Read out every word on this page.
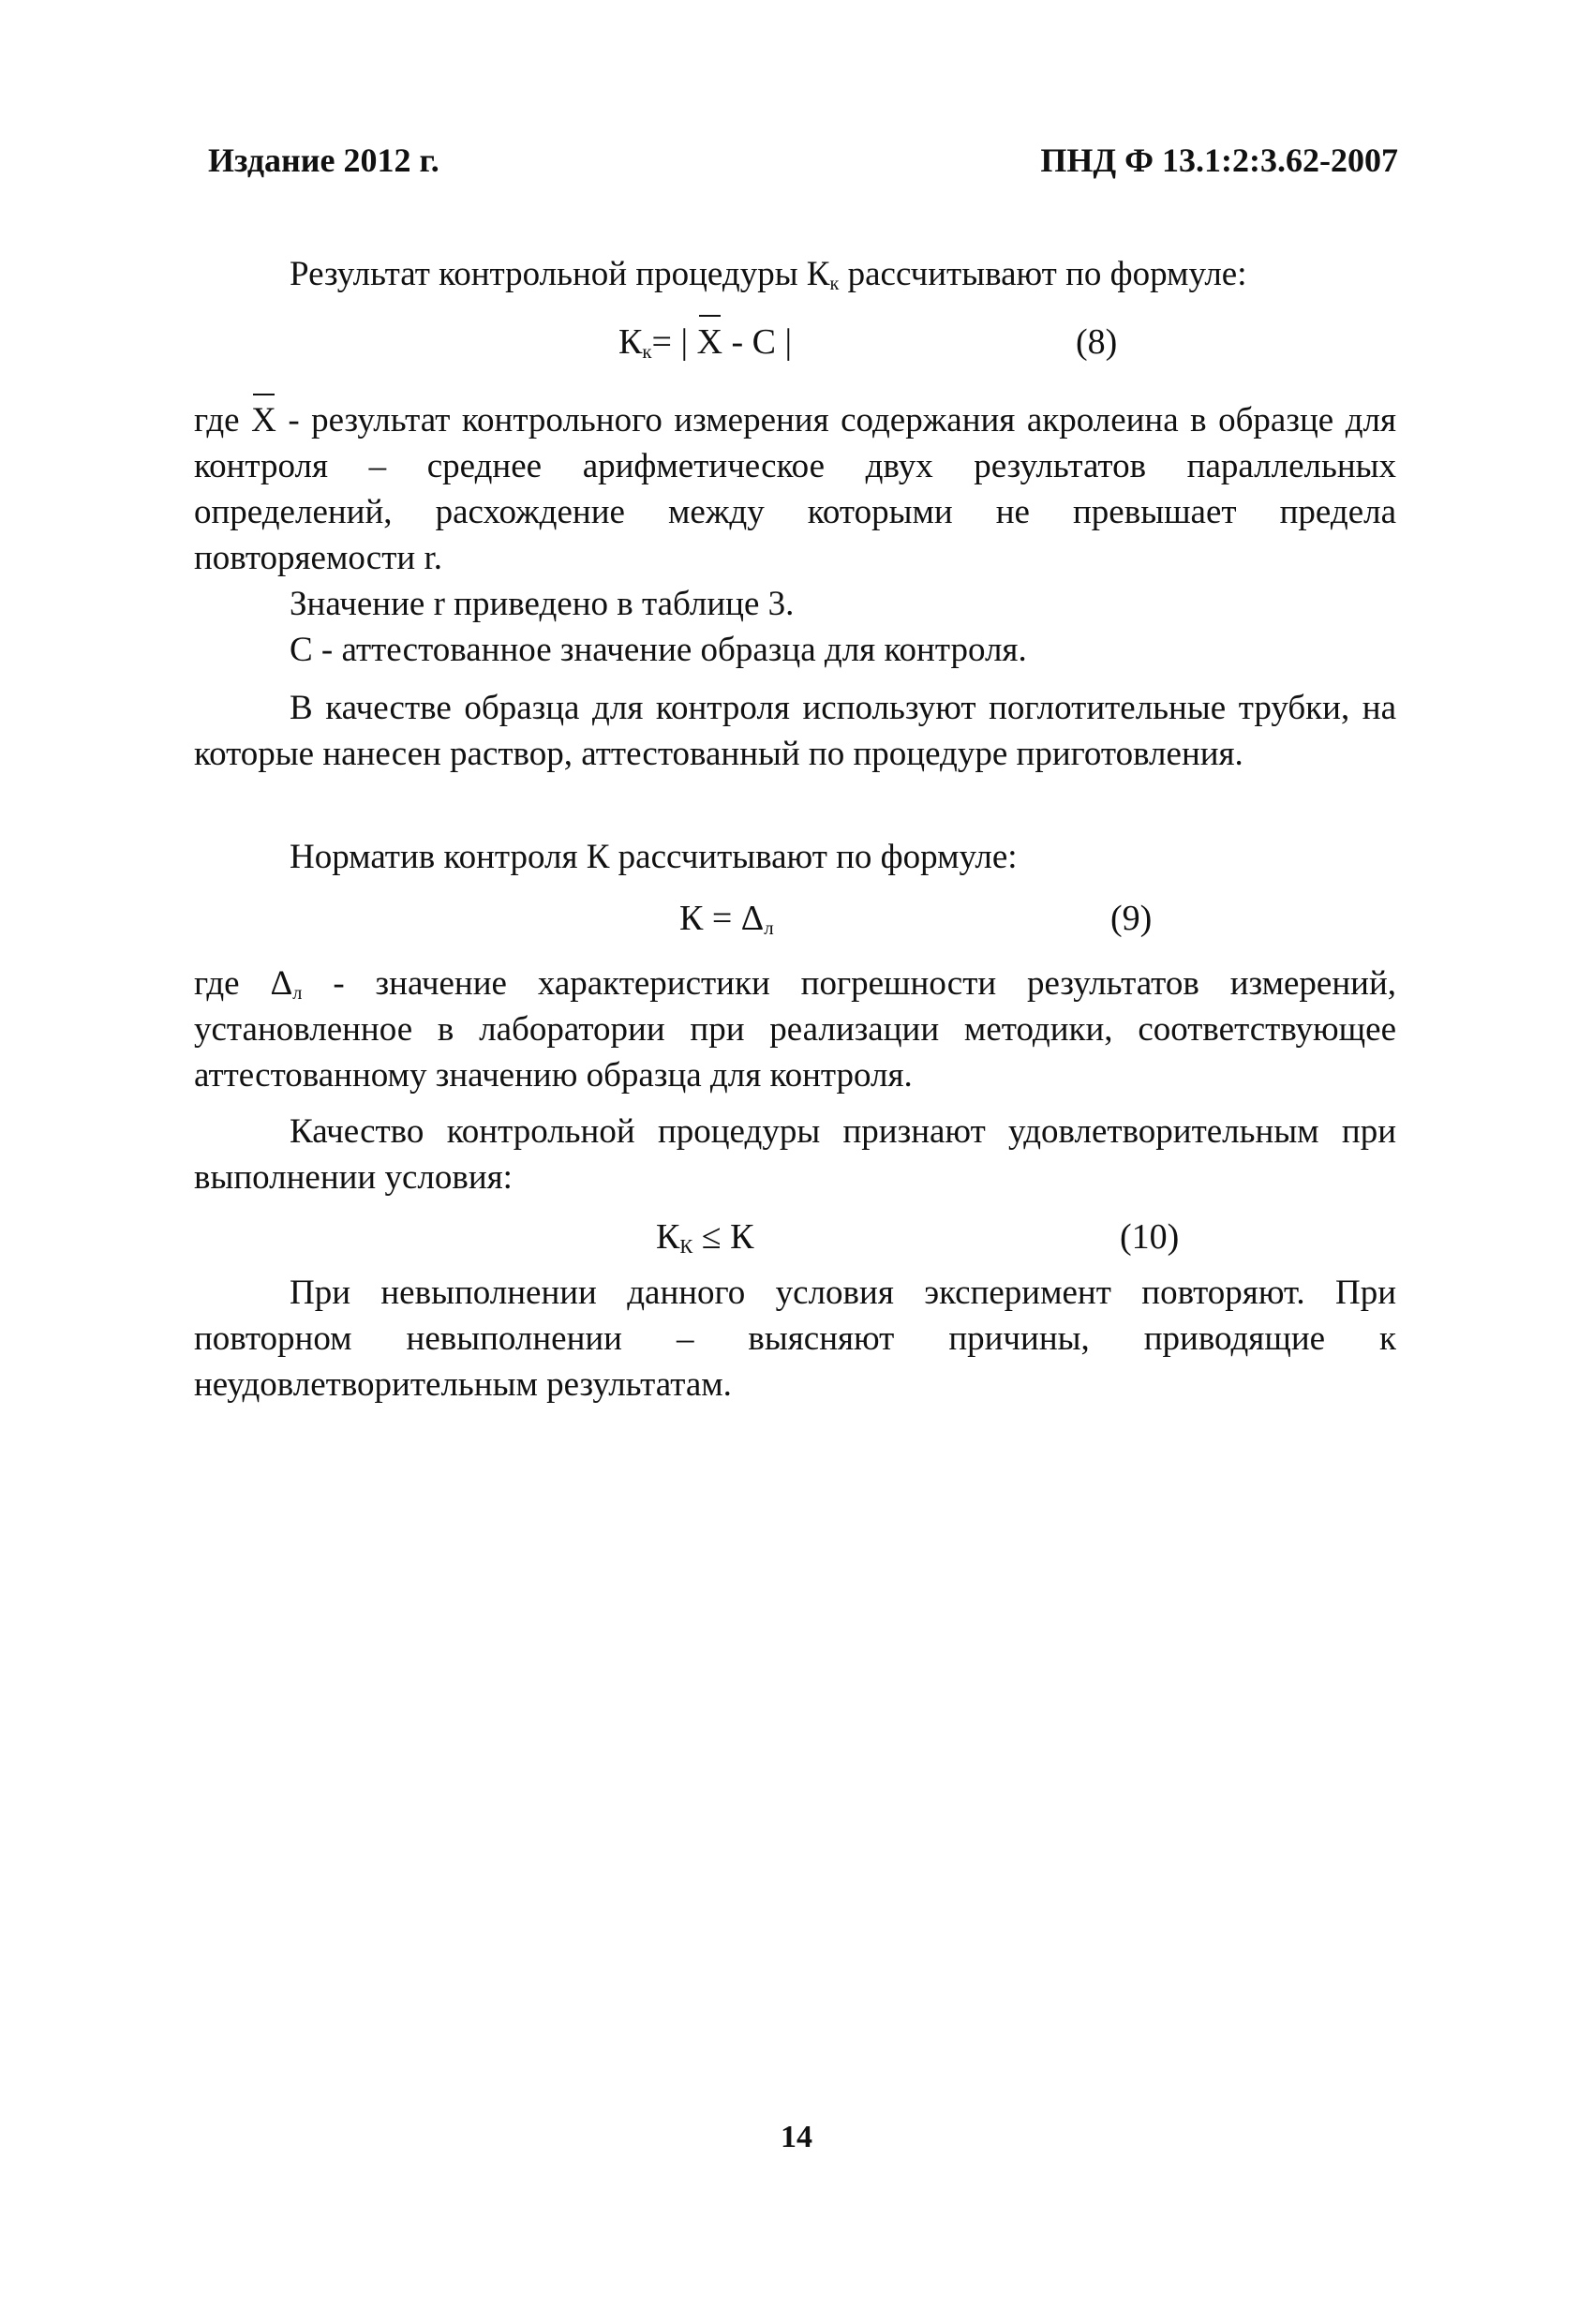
Издание 2012 г.	ПНД Ф 13.1:2:3.62-2007

Результат контрольной процедуры $К_к$ рассчитывают по формуле:

$К_к=$ | X - С |	(8)

где X - результат контрольного измерения содержания акролеина в образце для контроля – среднее арифметическое двух результатов параллельных определений, расхождение между которыми не превышает предела повторяемости r.

Значение r приведено в таблице 3.

С - аттестованное значение образца для контроля.

В качестве образца для контроля используют поглотительные трубки, на которые нанесен раствор, аттестованный по процедуре приготовления.

Норматив контроля К рассчитывают по формуле:

$К = \Delta_л$	(9)

где $\Delta_л$ - значение характеристики погрешности результатов измерений, установленное в лаборатории при реализации методики, соответствующее аттестованному значению образца для контроля.

Качество контрольной процедуры признают удовлетворительным при выполнении условия:

$К_К \le К$	(10)

При невыполнении данного условия эксперимент повторяют. При повторном невыполнении – выясняют причины, приводящие к неудовлетворительным результатам.

14
